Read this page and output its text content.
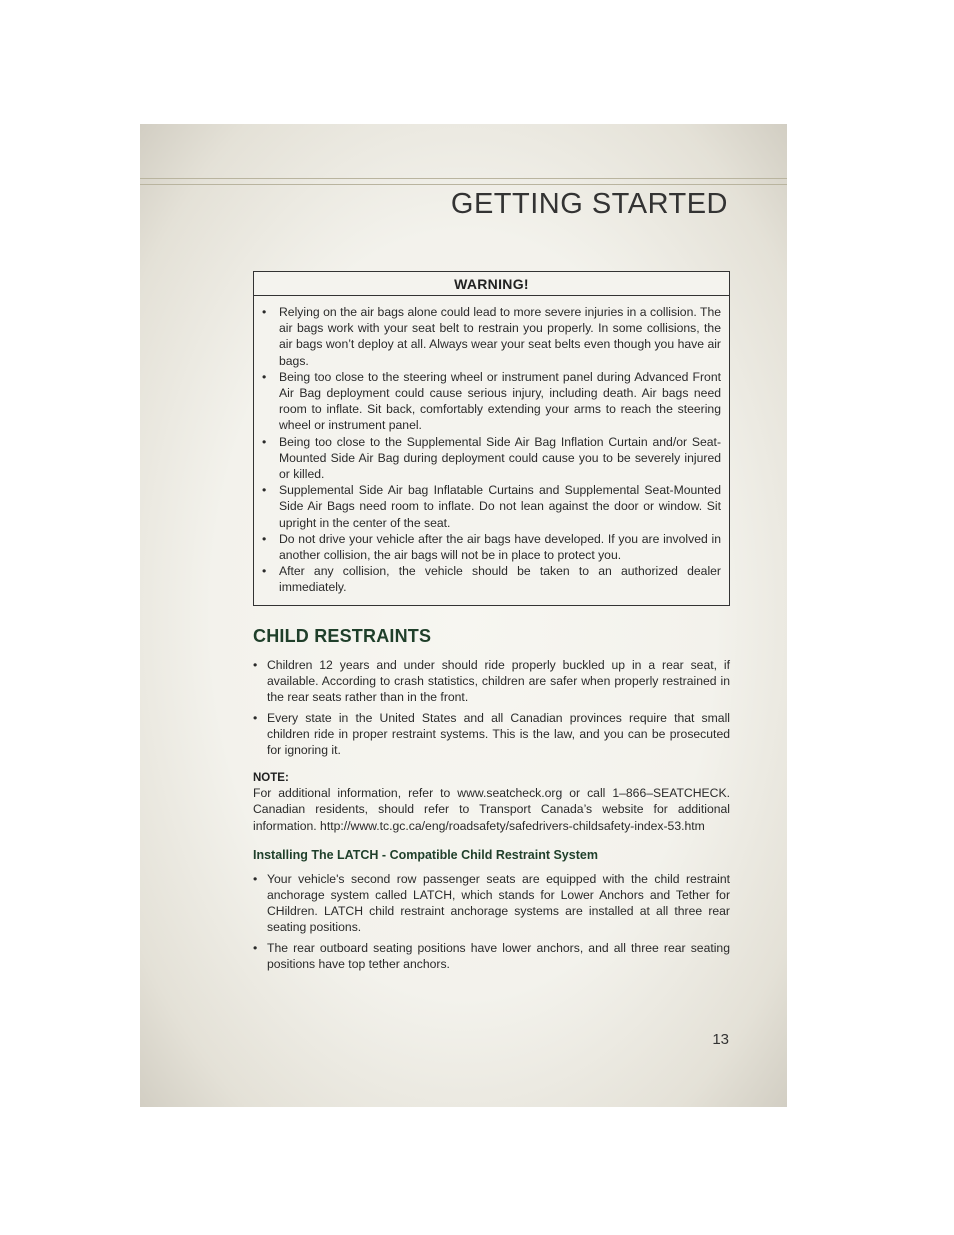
GETTING STARTED
WARNING!
• Relying on the air bags alone could lead to more severe injuries in a collision. The air bags work with your seat belt to restrain you properly. In some collisions, the air bags won’t deploy at all. Always wear your seat belts even though you have air bags.
• Being too close to the steering wheel or instrument panel during Advanced Front Air Bag deployment could cause serious injury, including death. Air bags need room to inflate. Sit back, comfortably extending your arms to reach the steering wheel or instrument panel.
• Being too close to the Supplemental Side Air Bag Inflation Curtain and/or Seat-Mounted Side Air Bag during deployment could cause you to be severely injured or killed.
• Supplemental Side Air bag Inflatable Curtains and Supplemental Seat-Mounted Side Air Bags need room to inflate. Do not lean against the door or window. Sit upright in the center of the seat.
• Do not drive your vehicle after the air bags have developed. If you are involved in another collision, the air bags will not be in place to protect you.
• After any collision, the vehicle should be taken to an authorized dealer immediately.
CHILD RESTRAINTS
• Children 12 years and under should ride properly buckled up in a rear seat, if available. According to crash statistics, children are safer when properly restrained in the rear seats rather than in the front.
• Every state in the United States and all Canadian provinces require that small children ride in proper restraint systems. This is the law, and you can be prosecuted for ignoring it.
NOTE:
For additional information, refer to www.seatcheck.org or call 1–866–SEATCHECK. Canadian residents, should refer to Transport Canada’s website for additional information. http://www.tc.gc.ca/eng/roadsafety/safedrivers-childsafety-index-53.htm
Installing The LATCH - Compatible Child Restraint System
• Your vehicle's second row passenger seats are equipped with the child restraint anchorage system called LATCH, which stands for Lower Anchors and Tether for CHildren. LATCH child restraint anchorage systems are installed at all three rear seating positions.
• The rear outboard seating positions have lower anchors, and all three rear seating positions have top tether anchors.
13
